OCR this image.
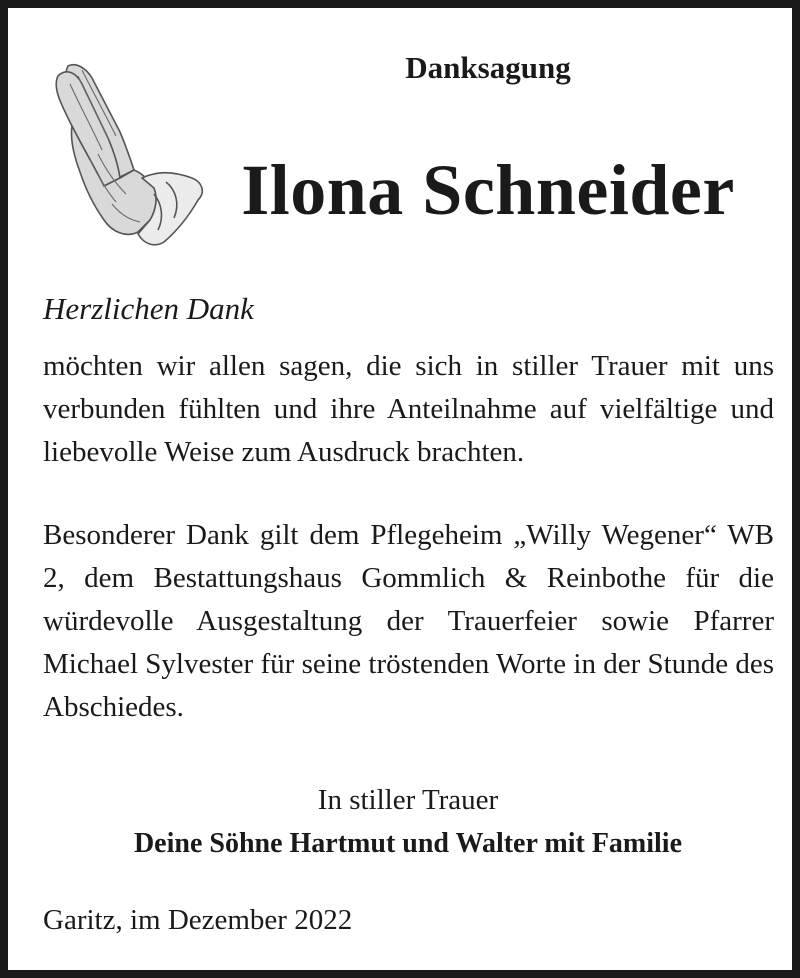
Danksagung
Ilona Schneider
Herzlichen Dank
möchten wir allen sagen, die sich in stiller Trauer mit uns verbunden fühlten und ihre Anteilnahme auf vielfältige und liebevolle Weise zum Ausdruck brachten.
Besonderer Dank gilt dem Pflegeheim „Willy Wegener“ WB 2, dem Bestattungshaus Gommlich & Reinbothe für die würdevolle Ausgestaltung der Trauerfeier sowie Pfarrer Michael Sylvester für seine tröstenden Worte in der Stunde des Abschiedes.
In stiller Trauer
Deine Söhne Hartmut und Walter mit Familie
Garitz, im Dezember 2022
